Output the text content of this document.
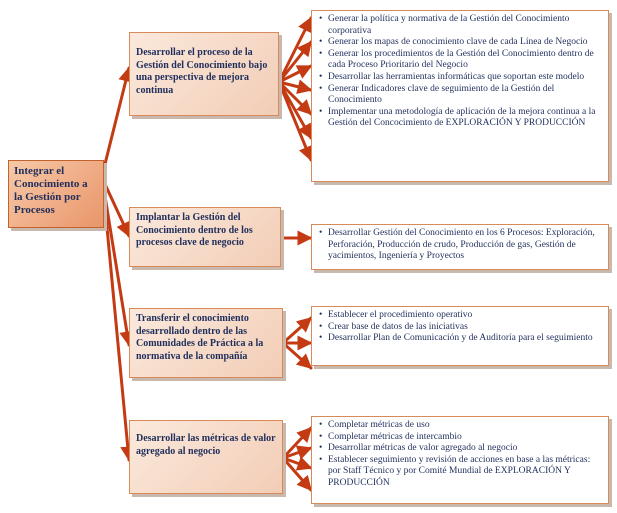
Integrar el Conocimiento a la Gestión por Procesos
Desarrollar el proceso de la Gestión del Conocimiento bajo una perspectiva de mejora continua
• Generar la política y normativa de la Gestión del Conocimiento corporativa
• Generar los mapas de conocimiento clave de cada Línea de Negocio
• Generar los procedimientos de la Gestión del Conocimiento dentro de cada Proceso Prioritario del Negocio
• Desarrollar las herramientas informáticas que soportan este modelo
• Generar Indicadores clave de seguimiento de la Gestión del Conocimiento
• Implementar una metodología de aplicación de la mejora continua a la Gestión del Concocimiento de EXPLORACIÓN Y PRODUCCIÓN
Implantar la Gestión del Conocimiento dentro de los procesos clave de negocio
• Desarrollar Gestión del Conocimiento en los 6 Procesos: Exploración, Perforación, Producción de crudo, Producción de gas, Gestión de yacimientos, Ingeniería y Proyectos
Transferir el conocimiento desarrollado dentro de las Comunidades de Práctica a la normativa de la compañía
• Establecer el procedimiento operativo
• Crear base de datos de las iniciativas
• Desarrollar Plan de Comunicación y de Auditoría para el seguimiento
Desarrollar las métricas de valor agregado al negocio
• Completar métricas de uso
• Completar métricas de intercambio
• Desarrollar métricas de valor agregado al negocio
• Establecer seguimiento y revisión de acciones en base a las métricas: por Staff Técnico y por Comité Mundial de EXPLORACIÓN Y PRODUCCIÓN
